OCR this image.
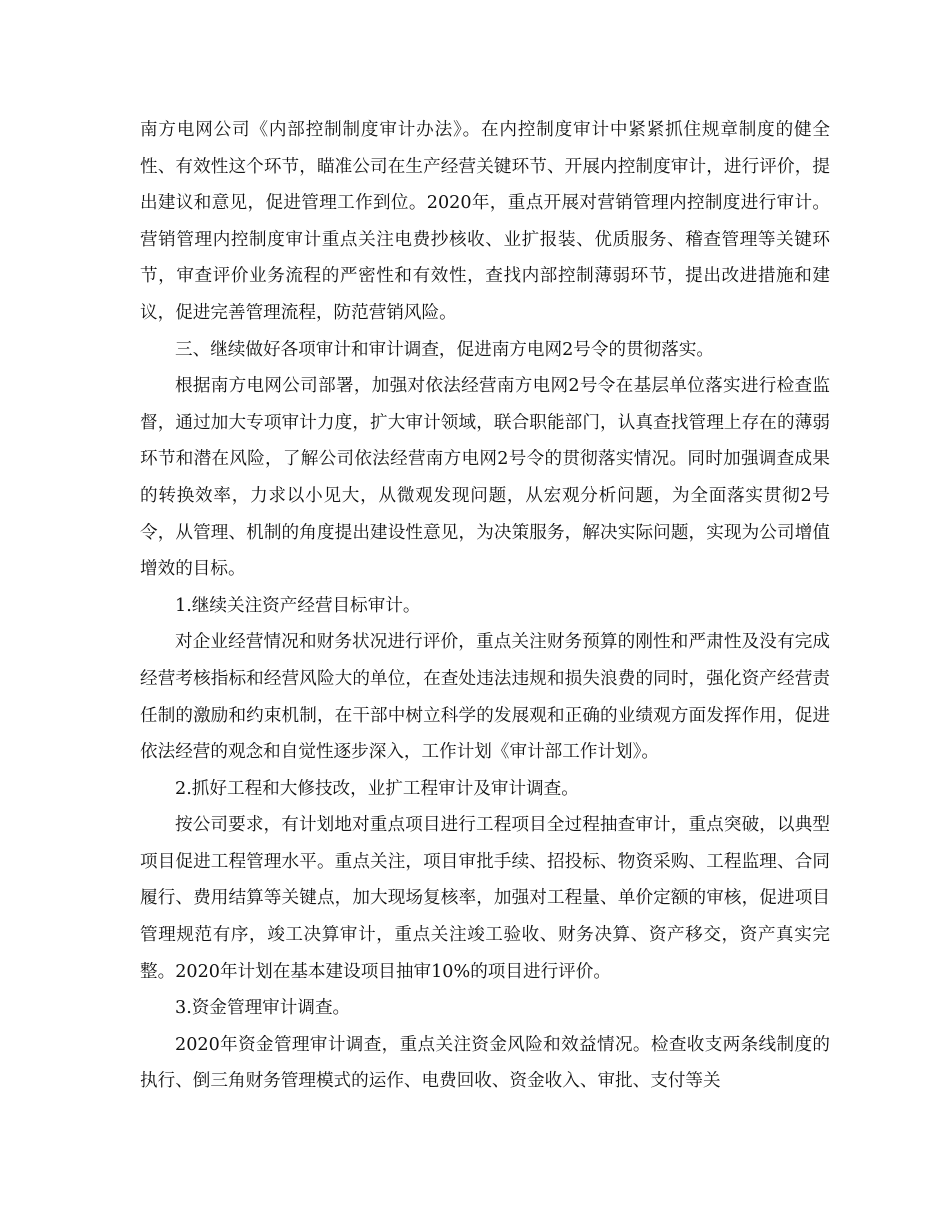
南方电网公司《内部控制制度审计办法》。在内控制度审计中紧紧抓住规章制度的健全性、有效性这个环节，瞄准公司在生产经营关键环节、开展内控制度审计，进行评价，提出建议和意见，促进管理工作到位。2020年，重点开展对营销管理内控制度进行审计。营销管理内控制度审计重点关注电费抄核收、业扩报装、优质服务、稽查管理等关键环节，审查评价业务流程的严密性和有效性，查找内部控制薄弱环节，提出改进措施和建议，促进完善管理流程，防范营销风险。

三、继续做好各项审计和审计调查，促进南方电网2号令的贯彻落实。

根据南方电网公司部署，加强对依法经营南方电网2号令在基层单位落实进行检查监督，通过加大专项审计力度，扩大审计领域，联合职能部门，认真查找管理上存在的薄弱环节和潜在风险，了解公司依法经营南方电网2号令的贯彻落实情况。同时加强调查成果的转换效率，力求以小见大，从微观发现问题，从宏观分析问题，为全面落实贯彻2号令，从管理、机制的角度提出建设性意见，为决策服务，解决实际问题，实现为公司增值增效的目标。

1.继续关注资产经营目标审计。

对企业经营情况和财务状况进行评价，重点关注财务预算的刚性和严肃性及没有完成经营考核指标和经营风险大的单位，在查处违法违规和损失浪费的同时，强化资产经营责任制的激励和约束机制，在干部中树立科学的发展观和正确的业绩观方面发挥作用，促进依法经营的观念和自觉性逐步深入，工作计划《审计部工作计划》。

2.抓好工程和大修技改，业扩工程审计及审计调查。

按公司要求，有计划地对重点项目进行工程项目全过程抽查审计，重点突破，以典型项目促进工程管理水平。重点关注，项目审批手续、招投标、物资采购、工程监理、合同履行、费用结算等关键点，加大现场复核率，加强对工程量、单价定额的审核，促进项目管理规范有序，竣工决算审计，重点关注竣工验收、财务决算、资产移交，资产真实完整。2020年计划在基本建设项目抽审10%的项目进行评价。

3.资金管理审计调查。

2020年资金管理审计调查，重点关注资金风险和效益情况。检查收支两条线制度的执行、倒三角财务管理模式的运作、电费回收、资金收入、审批、支付等关
